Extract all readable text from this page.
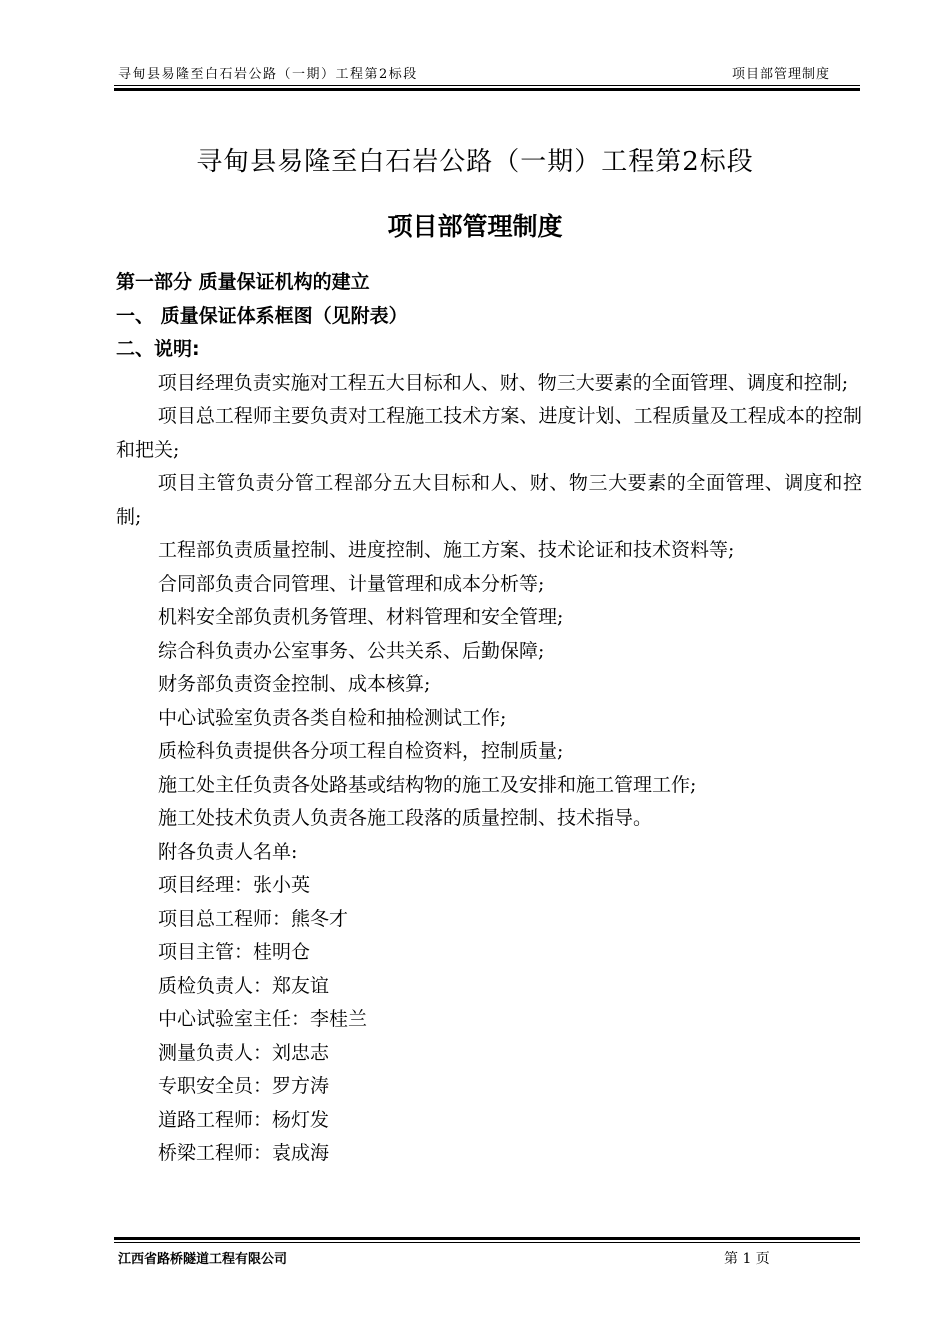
寻甸县易隆至白石岩公路（一期）工程第2标段	项目部管理制度
寻甸县易隆至白石岩公路（一期）工程第2标段
项目部管理制度
第一部分 质量保证机构的建立
一、 质量保证体系框图（见附表）
二、说明:
项目经理负责实施对工程五大目标和人、财、物三大要素的全面管理、调度和控制;
项目总工程师主要负责对工程施工技术方案、进度计划、工程质量及工程成本的控制和把关;
项目主管负责分管工程部分五大目标和人、财、物三大要素的全面管理、调度和控制;
工程部负责质量控制、进度控制、施工方案、技术论证和技术资料等;
合同部负责合同管理、计量管理和成本分析等;
机料安全部负责机务管理、材料管理和安全管理;
综合科负责办公室事务、公共关系、后勤保障;
财务部负责资金控制、成本核算;
中心试验室负责各类自检和抽检测试工作;
质检科负责提供各分项工程自检资料，控制质量;
施工处主任负责各处路基或结构物的施工及安排和施工管理工作;
施工处技术负责人负责各施工段落的质量控制、技术指导。
附各负责人名单:
项目经理：张小英
项目总工程师：熊冬才
项目主管：桂明仓
质检负责人：郑友谊
中心试验室主任：李桂兰
测量负责人：刘忠志
专职安全员：罗方涛
道路工程师：杨灯发
桥梁工程师：袁成海
江西省路桥隧道工程有限公司	第 1 页
